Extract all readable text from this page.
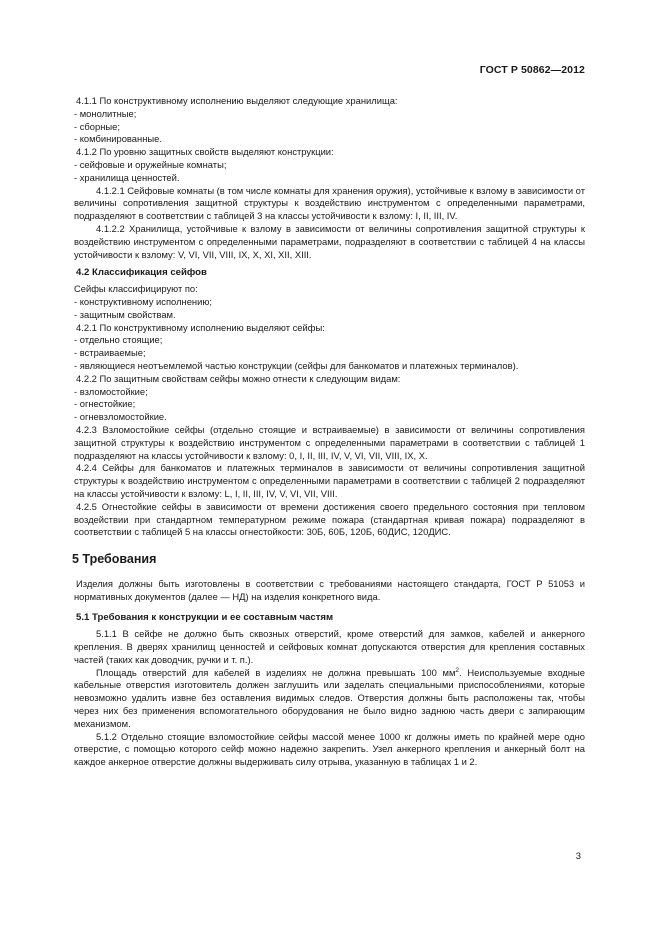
ГОСТ Р 50862—2012

4.1.1 По конструктивному исполнению выделяют следующие хранилища:

- монолитные;

- сборные;

- комбинированные.

4.1.2 По уровню защитных свойств выделяют конструкции:

- сейфовые и оружейные комнаты;

- хранилища ценностей.

4.1.2.1 Сейфовые комнаты (в том числе комнаты для хранения оружия), устойчивые к взлому в зависимости от величины сопротивления защитной структуры к воздействию инструментом с определенными параметрами, подразделяют в соответствии с таблицей 3 на классы устойчивости к взлому: I, II, III, IV.

4.1.2.2 Хранилища, устойчивые к взлому в зависимости от величины сопротивления защитной структуры к воздействию инструментом с определенными параметрами, подразделяют в соответствии с таблицей 4 на классы устойчивости к взлому: V, VI, VII, VIII, IX, X, XI, XII, XIII.

4.2 Классификация сейфов

Сейфы классифицируют по:

- конструктивному исполнению;

- защитным свойствам.

4.2.1 По конструктивному исполнению выделяют сейфы:

- отдельно стоящие;

- встраиваемые;

- являющиеся неотъемлемой частью конструкции (сейфы для банкоматов и платежных терминалов).

4.2.2 По защитным свойствам сейфы можно отнести к следующим видам:

- взломостойкие;

- огнестойкие;

- огневзломостойкие.

4.2.3 Взломостойкие сейфы (отдельно стоящие и встраиваемые) в зависимости от величины сопротивления защитной структуры к воздействию инструментом с определенными параметрами в соответствии с таблицей 1 подразделяют на классы устойчивости к взлому: 0, I, II, III, IV, V, VI, VII, VIII, IX, X.

4.2.4 Сейфы для банкоматов и платежных терминалов в зависимости от величины сопротивления защитной структуры к воздействию инструментом с определенными параметрами в соответствии с таблицей 2 подразделяют на классы устойчивости к взлому: L, I, II, III, IV, V, VI, VII, VIII.

4.2.5 Огнестойкие сейфы в зависимости от времени достижения своего предельного состояния при тепловом воздействии при стандартном температурном режиме пожара (стандартная кривая пожара) подразделяют в соответствии с таблицей 5 на классы огнестойкости: 30Б, 60Б, 120Б, 60ДИС, 120ДИС.

5 Требования

Изделия должны быть изготовлены в соответствии с требованиями настоящего стандарта, ГОСТ Р 51053 и нормативных документов (далее — НД) на изделия конкретного вида.

5.1 Требования к конструкции и ее составным частям

5.1.1 В сейфе не должно быть сквозных отверстий, кроме отверстий для замков, кабелей и анкерного крепления. В дверях хранилищ ценностей и сейфовых комнат допускаются отверстия для крепления составных частей (таких как доводчик, ручки и т. п.).

Площадь отверстий для кабелей в изделиях не должна превышать 100 $мм^2$. Неиспользуемые входные кабельные отверстия изготовитель должен заглушить или заделать специальными приспособлениями, которые невозможно удалить извне без оставления видимых следов. Отверстия должны быть расположены так, чтобы через них без применения вспомогательного оборудования не было видно заднюю часть двери с запирающим механизмом.

5.1.2 Отдельно стоящие взломостойкие сейфы массой менее 1000 кг должны иметь по крайней мере одно отверстие, с помощью которого сейф можно надежно закрепить. Узел анкерного крепления и анкерный болт на каждое анкерное отверстие должны выдерживать силу отрыва, указанную в таблицах 1 и 2.

3
